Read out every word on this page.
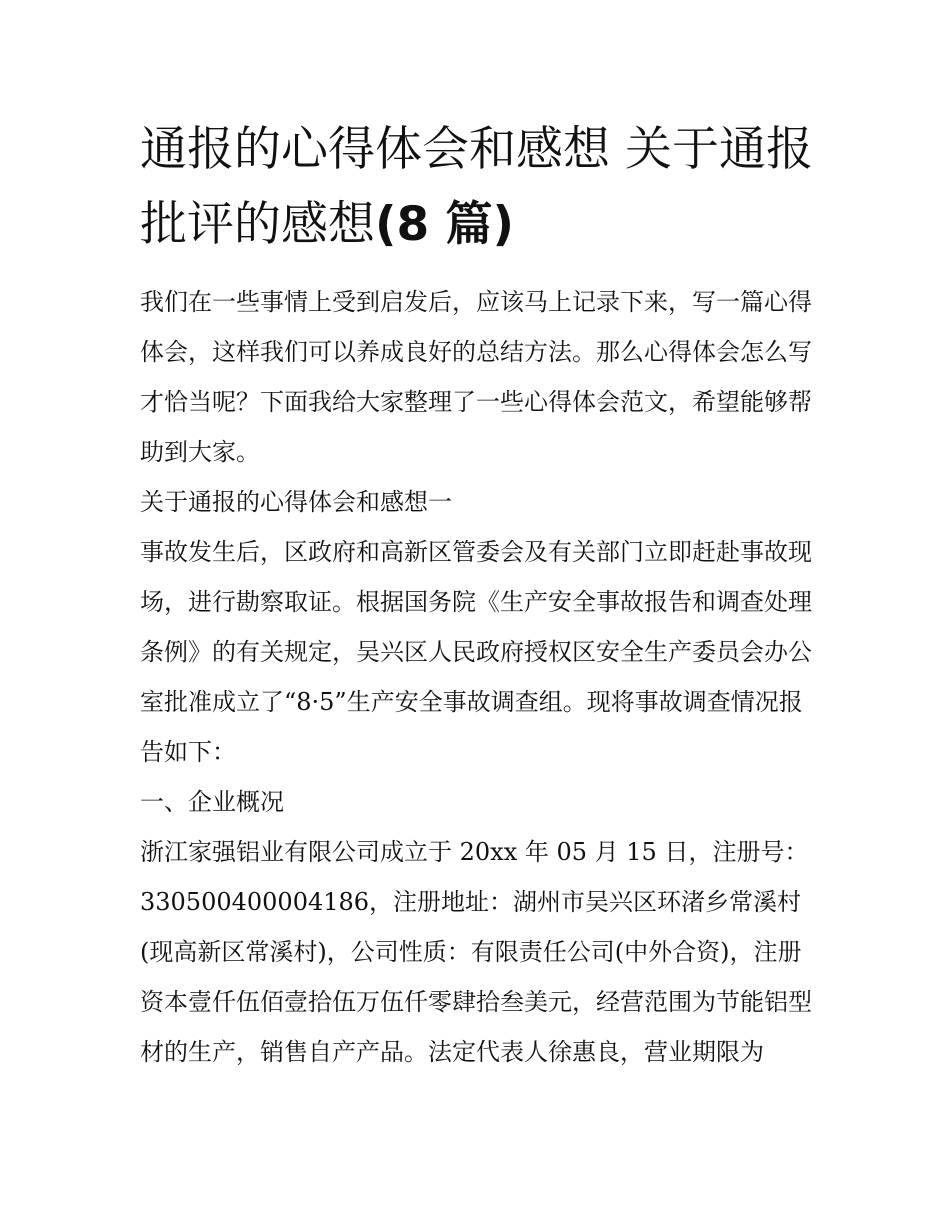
通报的心得体会和感想 关于通报批评的感想(8 篇)

我们在一些事情上受到启发后，应该马上记录下来，写一篇心得体会，这样我们可以养成良好的总结方法。那么心得体会怎么写才恰当呢？下面我给大家整理了一些心得体会范文，希望能够帮助到大家。

关于通报的心得体会和感想一

事故发生后，区政府和高新区管委会及有关部门立即赶赴事故现场，进行勘察取证。根据国务院《生产安全事故报告和调查处理条例》的有关规定，吴兴区人民政府授权区安全生产委员会办公室批准成立了“8·5”生产安全事故调查组。现将事故调查情况报告如下：

一、企业概况

浙江家强铝业有限公司成立于 20xx 年 05 月 15 日，注册号：330500400004186，注册地址：湖州市吴兴区环渚乡常溪村(现高新区常溪村)，公司性质：有限责任公司(中外合资)，注册资本壹仟伍佰壹拾伍万伍仟零肆拾叁美元，经营范围为节能铝型材的生产，销售自产产品。法定代表人徐惠良，营业期限为
